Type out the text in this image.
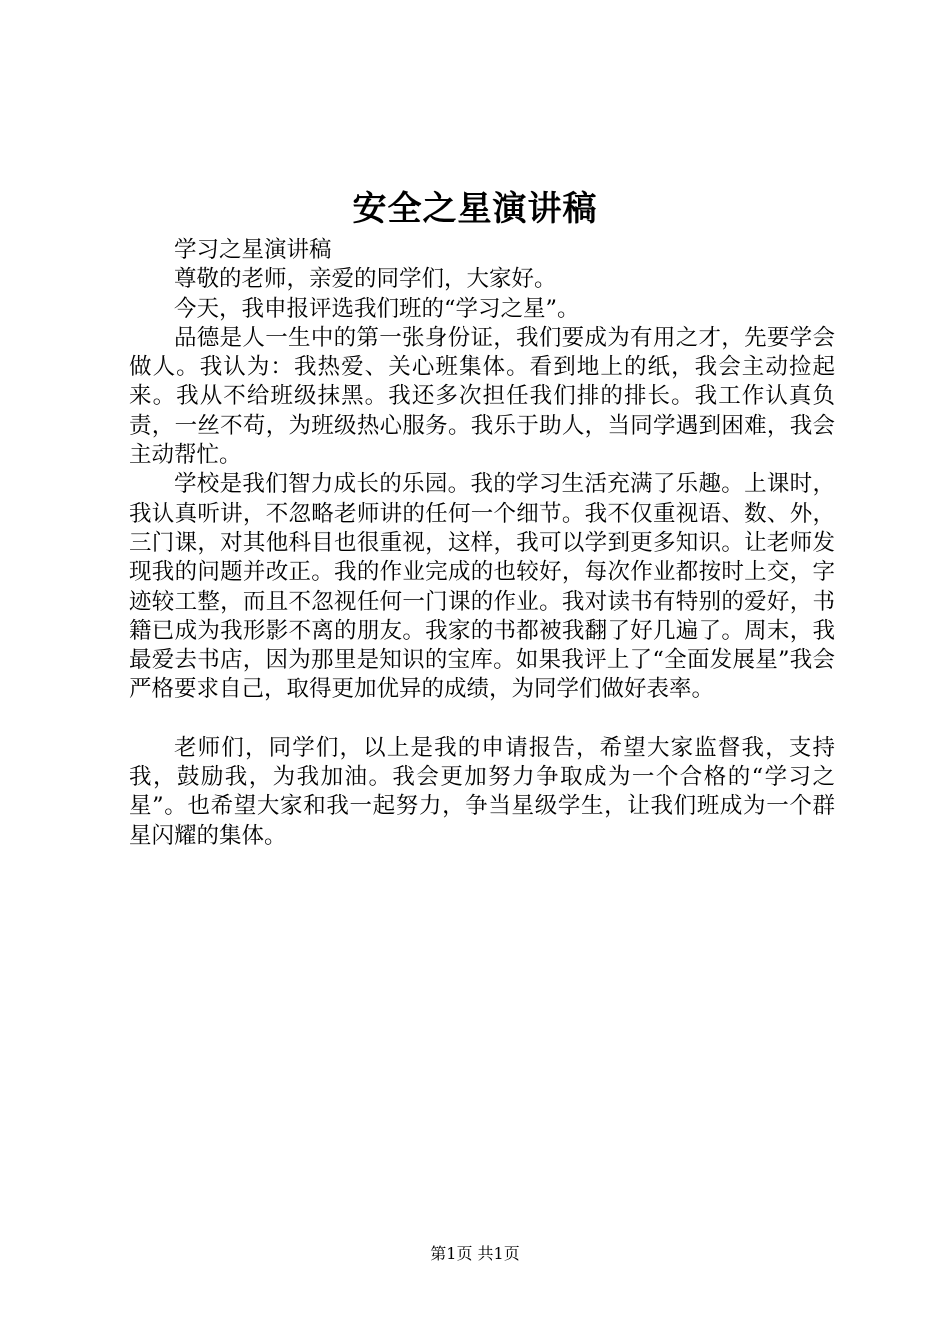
安全之星演讲稿

学习之星演讲稿

尊敬的老师，亲爱的同学们，大家好。

今天，我申报评选我们班的“学习之星”。

品德是人一生中的第一张身份证，我们要成为有用之才，先要学会做人。我认为：我热爱、关心班集体。看到地上的纸，我会主动捡起来。我从不给班级抹黑。我还多次担任我们排的排长。我工作认真负责，一丝不苟，为班级热心服务。我乐于助人，当同学遇到困难，我会主动帮忙。

学校是我们智力成长的乐园。我的学习生活充满了乐趣。上课时，我认真听讲，不忽略老师讲的任何一个细节。我不仅重视语、数、外，三门课，对其他科目也很重视，这样，我可以学到更多知识。让老师发现我的问题并改正。我的作业完成的也较好，每次作业都按时上交，字迹较工整，而且不忽视任何一门课的作业。我对读书有特别的爱好，书籍已成为我形影不离的朋友。我家的书都被我翻了好几遍了。周末，我最爱去书店，因为那里是知识的宝库。如果我评上了“全面发展星”我会严格要求自己，取得更加优异的成绩，为同学们做好表率。

老师们，同学们，以上是我的申请报告，希望大家监督我，支持我，鼓励我，为我加油。我会更加努力争取成为一个合格的“学习之星”。也希望大家和我一起努力，争当星级学生，让我们班成为一个群星闪耀的集体。

第1页 共1页
